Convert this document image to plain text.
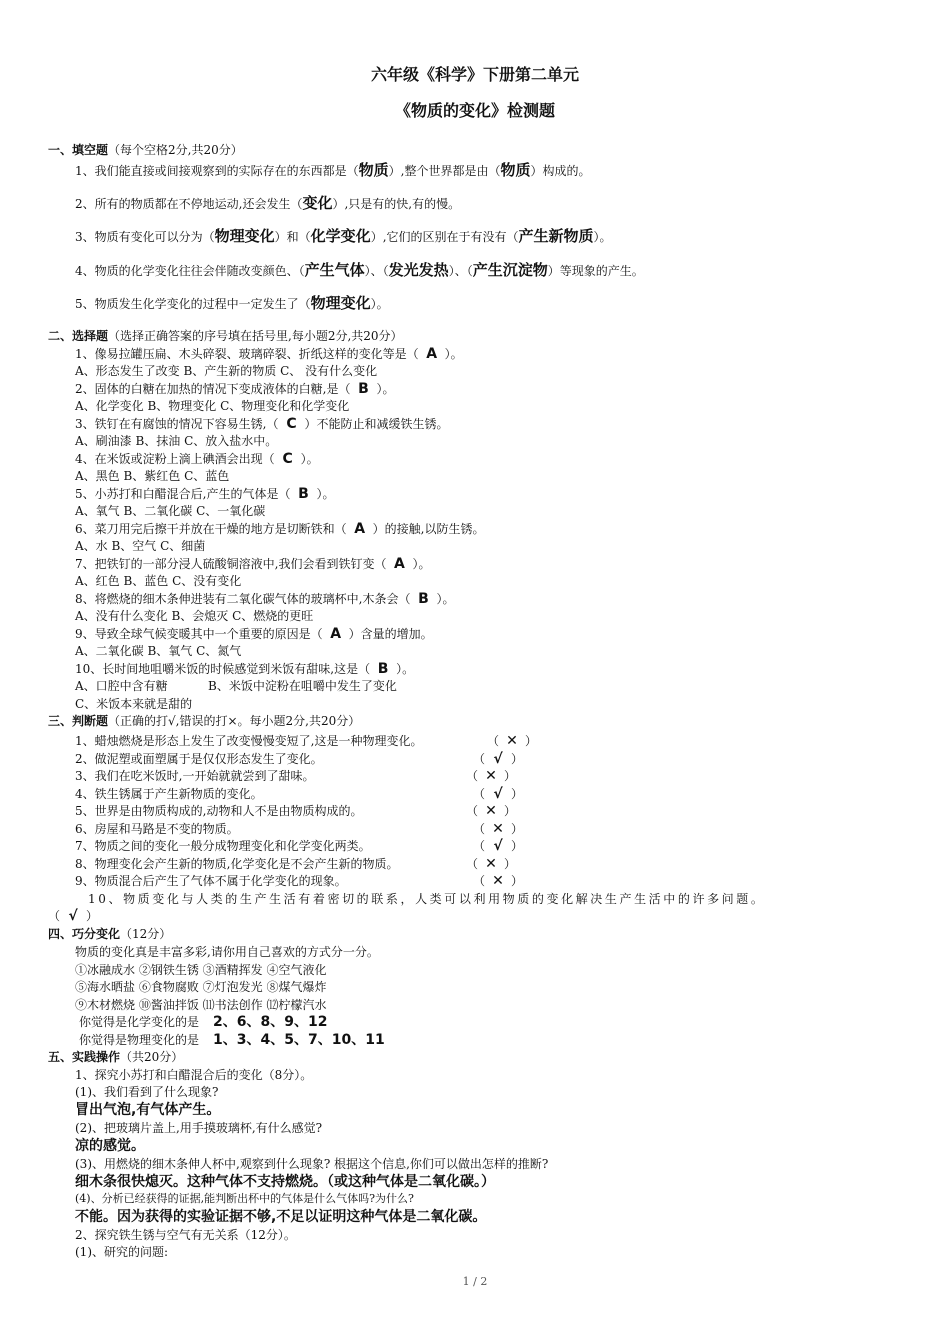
六年级《科学》下册第二单元
《物质的变化》检测题
一、填空题（每个空格2分,共20分）
1、我们能直接或间接观察到的实际存在的东西都是（物质）,整个世界都是由（物质）构成的。
2、所有的物质都在不停地运动,还会发生（变化）,只是有的快,有的慢。
3、物质有变化可以分为（物理变化）和（化学变化）,它们的区别在于有没有（产生新物质）。
4、物质的化学变化往往会伴随改变颜色、（产生气体）、（发光发热）、（产生沉淀物）等现象的产生。
5、物质发生化学变化的过程中一定发生了（物理变化）。
二、选择题（选择正确答案的序号填在括号里,每小题2分,共20分）
1、像易拉罐压扁、木头碎裂、玻璃碎裂、折纸这样的变化等是（ A ）。
A、形态发生了改变 B、产生新的物质 C、 没有什么变化
2、固体的白糖在加热的情况下变成液体的白糖,是（ B ）。
A、化学变化 B、物理变化 C、物理变化和化学变化
3、铁钉在有腐蚀的情况下容易生锈,（ C ）不能防止和减缓铁生锈。
A、刷油漆 B、抹油 C、放入盐水中。
4、在米饭或淀粉上滴上碘酒会出现（ C ）。
A、黑色 B、紫红色 C、蓝色
5、小苏打和白醋混合后,产生的气体是（ B ）。
A、氧气 B、二氧化碳 C、一氧化碳
6、菜刀用完后擦干并放在干燥的地方是切断铁和（ A ）的接触,以防生锈。
A、水 B、空气 C、细菌
7、把铁钉的一部分浸人硫酸铜溶液中,我们会看到铁钉变（ A ）。
A、红色 B、蓝色 C、没有变化
8、将燃烧的细木条伸进装有二氧化碳气体的玻璃杯中,木条会（ B ）。
A、没有什么变化 B、会熄灭 C、燃烧的更旺
9、导致全球气候变暖其中一个重要的原因是（ A ）含量的增加。
A、二氧化碳 B、氧气 C、氮气
10、长时间地咀嚼米饭的时候感觉到米饭有甜味,这是（ B ）。
A、口腔中含有糖	B、米饭中淀粉在咀嚼中发生了变化
C、米饭本来就是甜的
三、判断题（正确的打√,错误的打×。每小题2分,共20分）
1、蜡烛燃烧是形态上发生了改变慢慢变短了,这是一种物理变化。	（ ✕ ）
2、做泥塑或面塑属于是仅仅形态发生了变化。	（ √ ）
3、我们在吃米饭时,一开始就就尝到了甜味。	（ ✕ ）
4、铁生锈属于产生新物质的变化。	（ √ ）
5、世界是由物质构成的,动物和人不是由物质构成的。	（ ✕ ）
6、房屋和马路是不变的物质。	（ ✕ ）
7、物质之间的变化一般分成物理变化和化学变化两类。	（ √ ）
8、物理变化会产生新的物质,化学变化是不会产生新的物质。	（ ✕ ）
9、物质混合后产生了气体不属于化学变化的现象。	（ ✕ ）
10、物质变化与人类的生产生活有着密切的联系，人类可以利用物质的变化解决生产生活中的许多问题。
（ √ ）
四、巧分变化（12分）
物质的变化真是丰富多彩,请你用自己喜欢的方式分一分。
①冰融成水 ②钢铁生锈 ③酒精挥发 ④空气液化
⑤海水晒盐 ⑥食物腐败 ⑦灯泡发光 ⑧煤气爆炸
⑨木材燃烧 ⑩酱油拌饭 ⑾书法创作 ⑿柠檬汽水
你觉得是化学变化的是 2、6、8、9、12
你觉得是物理变化的是 1、3、4、5、7、10、11
五、实践操作（共20分）
1、探究小苏打和白醋混合后的变化（8分）。
(1)、我们看到了什么现象?
冒出气泡,有气体产生。
(2)、把玻璃片盖上,用手摸玻璃杯,有什么感觉?
凉的感觉。
(3)、用燃烧的细木条伸人杯中,观察到什么现象? 根据这个信息,你们可以做出怎样的推断?
细木条很快熄灭。这种气体不支持燃烧。（或这种气体是二氧化碳。）
(4)、分析已经获得的证据,能判断出杯中的气体是什么气体吗?为什么?
不能。因为获得的实验证据不够,不足以证明这种气体是二氧化碳。
2、探究铁生锈与空气有无关系（12分）。
(1)、研究的问题:
1 / 2
